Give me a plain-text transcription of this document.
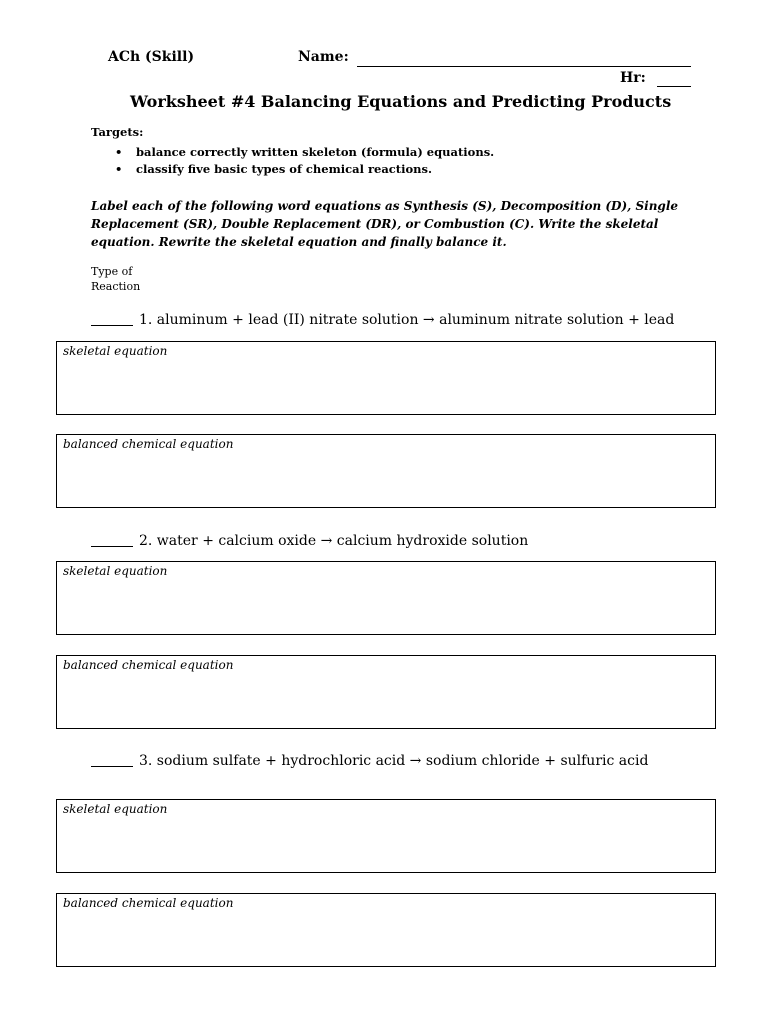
ACh (Skill)	Name:
Hr:
Worksheet #4 Balancing Equations and Predicting Products
Targets:
• balance correctly written skeleton (formula) equations.
• classify five basic types of chemical reactions.
Label each of the following word equations as Synthesis (S), Decomposition (D), Single Replacement (SR), Double Replacement (DR), or Combustion (C). Write the skeletal equation. Rewrite the skeletal equation and finally balance it.
Type of Reaction
1. aluminum + lead (II) nitrate solution → aluminum nitrate solution + lead
skeletal equation
balanced chemical equation
2. water + calcium oxide → calcium hydroxide solution
skeletal equation
balanced chemical equation
3. sodium sulfate + hydrochloric acid → sodium chloride + sulfuric acid
skeletal equation
balanced chemical equation
